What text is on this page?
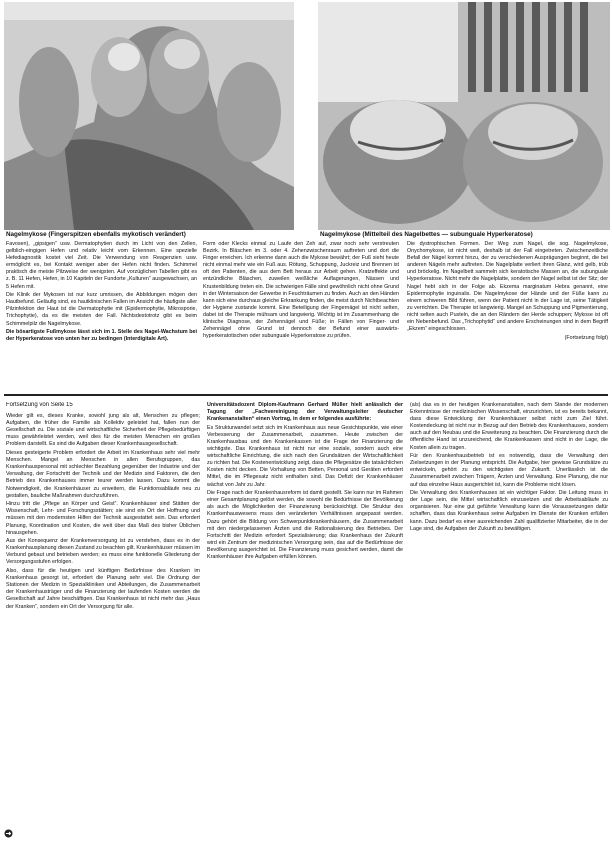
Nagelmykose (Fingerspitzen ebenfalls mykotisch verändert)	Nagelmykose (Mittelteil des Nagelbettes — subunguale Hyperkeratose)

Favosen), „gipsigen“ usw. Dermatophytien durch im Licht von den Zellen, gelblich-eingigen Hefen und relativ leicht vom Erkennen. Eine spezielle Hefediagnostik kostet viel Zeit. Die Verwendung von Reagenzien usw. ermöglicht es, bei Kontakt weniger aber der Hefen nicht finden. Schimmel praktisch die meiste Pilzweise der wenigsten. Auf vorzüglichen Tabellen gibt es z. B. 11 Hefen, Hefen, in 10 Kapiteln der Fundorte „Kulturen“ ausgewachsen, an 5 Hefen mit.

Die Klinik der Mykosen ist nur kurz umrissen, die Abbildungen mögen den Hautbefund. Geläufig sind, es hautklinischen Fallen im Ansicht die häufigste aller Pilzinfektion der Haut ist die Dermatophytie mit (Epidermophytie, Mikrosporie, Trichophytie), da es die meisten der Fall. Nichtsdestotrotz gibt es beim Schimmelpilz die Nagelmykose.

Die bösartigste Fußmykose lässt sich im 1. Stelle des Nagel-Wachstum bei der Hyperkeratose von unten her zu bedingen (Interdigitale Art).

Form oder Klecks einmal zu Laufe den Zeh auf, zwar noch sehr verstreuten Bezirk. In Bläschen im 3. oder 4. Zehenzwischenraum auftreten und dort die Finger erreichen. Ich erkenne dann auch die Mykose bewährt; der Fuß sieht heute nicht einmal mehr wie ein Fuß aus. Rötung, Schuppung, Juckreiz und Brennen ist oft den Patienten, die aus dem Bett heraus zur Arbeit gehen. Kratzeffekte und entzündliche Bläschen, zuweilen weißliche Auflagerungen, Nässen und Krustenbildung treten ein. Die schwierigen Fälle sind gewöhnlich nicht ohne Grund in der Wintersaison der Gewerbe in Feuchträumen zu finden. Auch an den Händen kann sich eine durchaus gleiche Erkrankung finden, die meist durch Nichtbeachten der Hygiene zustande kommt. Eine Beteiligung der Fingernägel ist nicht selten, dabei ist die Therapie mühsam und langwierig. Wichtig ist im Zusammenhang die klinische Diagnose, der Zehennägel und Füße; in Fällen von Finger- und Zehennägel ohne Grund ist dennoch der Befund einer auswärts-hyperkeratotischen oder subunguale Hyperkeratose zu prüfen.

Die dystrophischen Formen. Der Weg zum Nagel, die sog. Nagelmykose, Onychomykose, ist nicht weit, deshalb ist der Fall eingetreten. Zwischenzeitliche Befall der Nägel kommt hinzu, der zu verschiedenen Ausprägungen beginnt, die bei anderen Nägeln mehr auftreten. Die Nagelplatte verliert ihren Glanz, wird gelb, trüb und bröckelig. Im Nagelbett sammeln sich keratotische Massen an, die subunguale Hyperkeratose. Nicht mehr die Nagelplatte, sondern der Nagel selbst ist der Sitz; der Nagel hebt sich in der Folge ab. Ekzema marginatum Hebra genannt, eine Epidermophytie inguinalis. Die Nagelmykose der Hände und der Füße kann zu einem schweren Bild führen, wenn der Patient nicht in der Lage ist, seine Tätigkeit zu verrichten. Die Therapie ist langwierig. Mangel an Schuppung und Pigmentierung, nicht selten auch Pusteln, die an den Rändern der Herde schuppen; Mykose ist oft ein Nebenbefund. Das „Trichophytid“ und andere Erscheinungen sind in dem Begriff „Ekzem“ eingeschlossen.

(Fortsetzung folgt)

Fortsetzung von Seite 15

Wieder gilt es, dieses Kranke, sowohl jung als alt, Menschen zu pflegen; Aufgaben, die früher die Familie als Kollektiv geleistet hat, fallen nun der Gesellschaft zu. Die soziale und wirtschaftliche Sicherheit der Pflegebedürftigen muss gewährleistet werden, weil dies für die meisten Menschen ein großes Problem darstellt. Es sind die Aufgaben dieser Krankenhausgesellschaft.

Dieses gesteigerte Problem erfordert die Arbeit im Krankenhaus sehr viel mehr Menschen. Mangel an Menschen in allen Berufsgruppen, das Krankenhauspersonal mit schlechter Bezahlung gegenüber der Industrie und der Verwaltung, der Fortschritt der Technik und der Medizin sind Faktoren, die den Betrieb des Krankenhauses immer teurer werden lassen. Dazu kommt die Notwendigkeit, die Krankenhäuser zu erweitern, die Funktionsabläufe neu zu gestalten, bauliche Maßnahmen durchzuführen.

Hinzu tritt die „Pflege an Körper und Geist“. Krankenhäuser sind Stätten der Wissenschaft, Lehr- und Forschungsstätten; sie sind ein Ort der Hoffnung und müssen mit den modernsten Hilfen der Technik ausgestattet sein. Das erfordert Planung, Koordination und Kosten, die weit über das Maß des bisher Üblichen hinausgehen.

Aus der Konsequenz der Krankenversorgung ist zu verstehen, dass es in der Krankenhausplanung diesen Zustand zu beachten gilt. Krankenhäuser müssen im Verbund gebaut und betrieben werden; es muss eine funktionelle Gliederung der Versorgungsstufen erfolgen.

Also, dass für die heutigen und künftigen Bedürfnisse des Kranken im Krankenhaus gesorgt ist, erfordert die Planung sehr viel. Die Ordnung der Stationen der Medizin in Spezialkliniken und Abteilungen, die Zusammenarbeit der Krankenhausträger und die Finanzierung der laufenden Kosten werden die Gesellschaft auf Jahre beschäftigen. Das Krankenhaus ist nicht mehr das „Haus der Kranken“, sondern ein Ort der Versorgung für alle.

Universitätsdozent Diplom-Kaufmann Gerhard Müller hielt anlässlich der Tagung der „Fachvereinigung der Verwaltungsleiter deutscher Krankenanstalten“ einen Vortrag, in dem er folgendes ausführte:

Es Strukturwandel setzt sich im Krankenhaus aus neue Gesichtspunkte, wie einer Verbesserung der Zusammenarbeit, zusammen. Heute zwischen der Krankenhausbau und den Krankenkassen ist die Frage der Finanzierung die wichtigste. Das Krankenhaus ist nicht nur eine soziale, sondern auch eine wirtschaftliche Einrichtung, die sich nach den Grundsätzen der Wirtschaftlichkeit zu richten hat. Die Kostenentwicklung zeigt, dass die Pflegesätze die tatsächlichen Kosten nicht decken. Die Vorhaltung von Betten, Personal und Geräten erfordert Mittel, die im Pflegesatz nicht enthalten sind. Das Defizit der Krankenhäuser wächst von Jahr zu Jahr.

Die Frage nach der Krankenhausreform ist damit gestellt. Sie kann nur im Rahmen einer Gesamtplanung gelöst werden, die sowohl die Bedürfnisse der Bevölkerung als auch die Möglichkeiten der Finanzierung berücksichtigt. Die Struktur des Krankenhauswesens muss den veränderten Verhältnissen angepasst werden. Dazu gehört die Bildung von Schwerpunktkrankenhäusern, die Zusammenarbeit mit den niedergelassenen Ärzten und die Rationalisierung des Betriebes. Der Fortschritt der Medizin erfordert Spezialisierung; das Krankenhaus der Zukunft wird ein Zentrum der medizinischen Versorgung sein, das auf die Bedürfnisse der Bevölkerung ausgerichtet ist. Die Finanzierung muss gesichert werden, damit die Krankenhäuser ihre Aufgaben erfüllen können.

(als) das es in der heutigen Krankenanstalten, nach dem Stande der modernen Erkenntnisse der medizinischen Wissenschaft, einzurichten, ist es bereits bekannt, dass diese Entwicklung der Krankenhäuser selbst nicht zum Ziel führt. Kostendeckung ist nicht nur in Bezug auf den Betrieb des Krankenhauses, sondern auch auf den Neubau und die Erweiterung zu beachten. Die Finanzierung durch die öffentliche Hand ist unzureichend, die Krankenkassen sind nicht in der Lage, die Kosten allein zu tragen.

Für den Krankenhausbetrieb ist es notwendig, dass die Verwaltung den Zielsetzungen in der Planung entspricht. Die Aufgabe, hier gewisse Grundsätze zu entwickeln, gehört zu den wichtigsten der Zukunft. Unerlässlich ist die Zusammenarbeit zwischen Trägern, Ärzten und Verwaltung. Eine Planung, die nur auf das einzelne Haus ausgerichtet ist, kann die Probleme nicht lösen.

Die Verwaltung des Krankenhauses ist ein wichtiger Faktor. Die Leitung muss in der Lage sein, die Mittel wirtschaftlich einzusetzen und die Arbeitsabläufe zu organisieren. Nur eine gut geführte Verwaltung kann die Voraussetzungen dafür schaffen, dass das Krankenhaus seine Aufgaben im Dienste der Kranken erfüllen kann. Dazu bedarf es einer ausreichenden Zahl qualifizierter Mitarbeiter, die in der Lage sind, die Aufgaben der Zukunft zu bewältigen.
